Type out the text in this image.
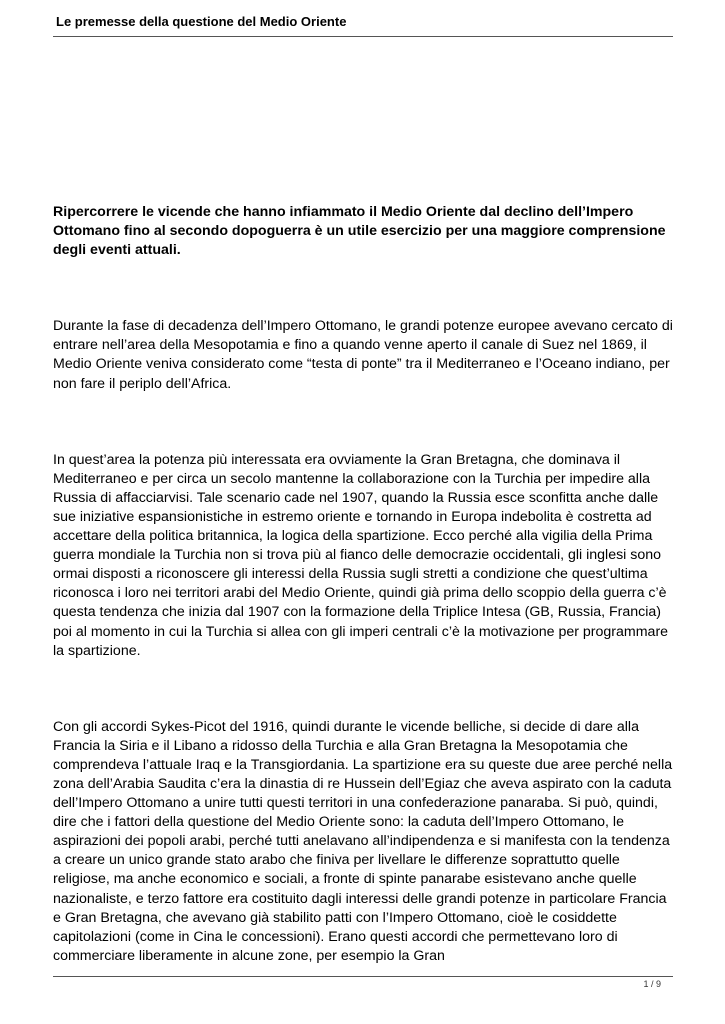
Le premesse della questione del Medio Oriente

Ripercorrere le vicende che hanno infiammato il Medio Oriente dal declino dell’Impero Ottomano fino al secondo dopoguerra è un utile esercizio per una maggiore comprensione degli eventi attuali.

Durante la fase di decadenza dell’Impero Ottomano, le grandi potenze europee avevano cercato di entrare nell’area della Mesopotamia e fino a quando venne aperto il canale di Suez nel 1869, il Medio Oriente veniva considerato come “testa di ponte” tra il Mediterraneo e l’Oceano indiano, per non fare il periplo dell’Africa.

In quest’area la potenza più interessata era ovviamente la Gran Bretagna, che dominava il Mediterraneo e per circa un secolo mantenne la collaborazione con la Turchia per impedire alla Russia di affacciarvisi. Tale scenario cade nel 1907, quando la Russia esce sconfitta anche dalle sue iniziative espansionistiche in estremo oriente e tornando in Europa indebolita è costretta ad accettare della politica britannica, la logica della spartizione. Ecco perché alla vigilia della Prima guerra mondiale la Turchia non si trova più al fianco delle democrazie occidentali, gli inglesi sono ormai disposti a riconoscere gli interessi della Russia sugli stretti a condizione che quest’ultima riconosca i loro nei territori arabi del Medio Oriente, quindi già prima dello scoppio della guerra c’è questa tendenza che inizia dal 1907 con la formazione della Triplice Intesa (GB, Russia, Francia) poi al momento in cui la Turchia si allea con gli imperi centrali c’è la motivazione per programmare la spartizione.

Con gli accordi Sykes-Picot del 1916, quindi durante le vicende belliche, si decide di dare alla Francia la Siria e il Libano a ridosso della Turchia e alla Gran Bretagna la Mesopotamia che comprendeva l’attuale Iraq e la Transgiordania. La spartizione era su queste due aree perché nella zona dell’Arabia Saudita c’era la dinastia di re Hussein dell’Egiaz che aveva aspirato con la caduta dell’Impero Ottomano a unire tutti questi territori in una confederazione panaraba. Si può, quindi, dire che i fattori della questione del Medio Oriente sono: la caduta dell’Impero Ottomano, le aspirazioni dei popoli arabi, perché tutti anelavano all’indipendenza e si manifesta con la tendenza a creare un unico grande stato arabo che finiva per livellare le differenze soprattutto quelle religiose, ma anche economico e sociali, a fronte di spinte panarabe esistevano anche quelle nazionaliste, e terzo fattore era costituito dagli interessi delle grandi potenze in particolare Francia e Gran Bretagna, che avevano già stabilito patti con l’Impero Ottomano, cioè le cosiddette capitolazioni (come in Cina le concessioni). Erano questi accordi che permettevano loro di commerciare liberamente in alcune zone, per esempio la Gran

1 / 9
